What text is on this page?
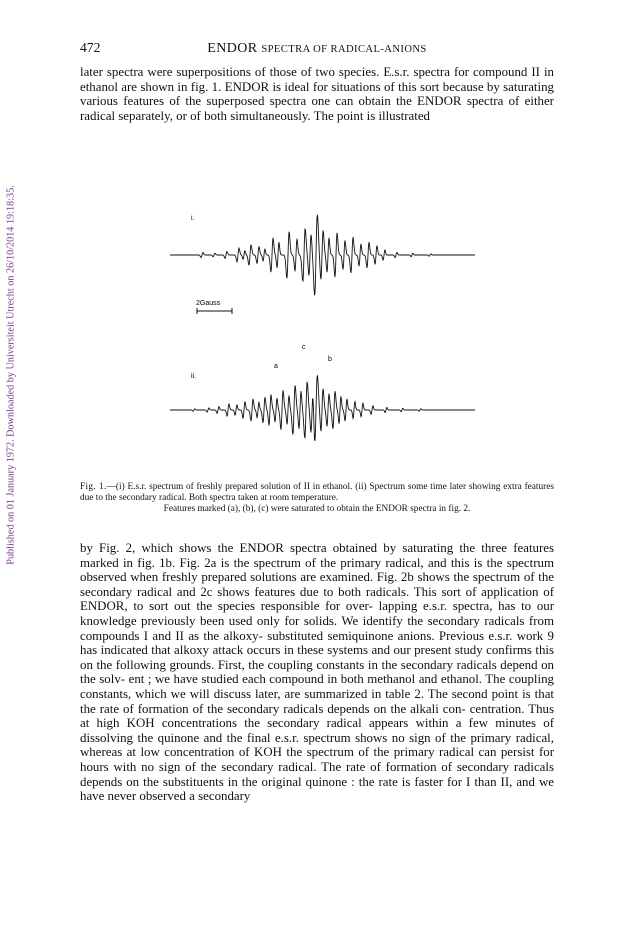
Published on 01 January 1972. Downloaded by Universiteit Utrecht on 26/10/2014 19:18:35.
472	ENDOR SPECTRA OF RADICAL-ANIONS

later spectra were superpositions of those of two species. E.s.r. spectra for compound II in ethanol are shown in fig. 1. ENDOR is ideal for situations of this sort because by saturating various features of the superposed spectra one can obtain the ENDOR spectra of either radical separately, or of both simultaneously. The point is illustrated

i.
ii.
2Gauss
a
b
c
Fig. 1.—(i) E.s.r. spectrum of freshly prepared solution of II in ethanol. (ii) Spectrum some time later showing extra features due to the secondary radical. Both spectra taken at room temperature.
Features marked (a), (b), (c) were saturated to obtain the ENDOR spectra in fig. 2.

by Fig. 2, which shows the ENDOR spectra obtained by saturating the three features marked in fig. 1b. Fig. 2a is the spectrum of the primary radical, and this is the spectrum observed when freshly prepared solutions are examined. Fig. 2b shows the spectrum of the secondary radical and 2c shows features due to both radicals. This sort of application of ENDOR, to sort out the species responsible for over- lapping e.s.r. spectra, has to our knowledge previously been used only for solids. We identify the secondary radicals from compounds I and II as the alkoxy- substituted semiquinone anions. Previous e.s.r. work 9 has indicated that alkoxy attack occurs in these systems and our present study confirms this on the following grounds. First, the coupling constants in the secondary radicals depend on the solv- ent ; we have studied each compound in both methanol and ethanol. The coupling constants, which we will discuss later, are summarized in table 2. The second point is that the rate of formation of the secondary radicals depends on the alkali con- centration. Thus at high KOH concentrations the secondary radical appears within a few minutes of dissolving the quinone and the final e.s.r. spectrum shows no sign of the primary radical, whereas at low concentration of KOH the spectrum of the primary radical can persist for hours with no sign of the secondary radical. The rate of formation of secondary radicals depends on the substituents in the original quinone : the rate is faster for I than II, and we have never observed a secondary
